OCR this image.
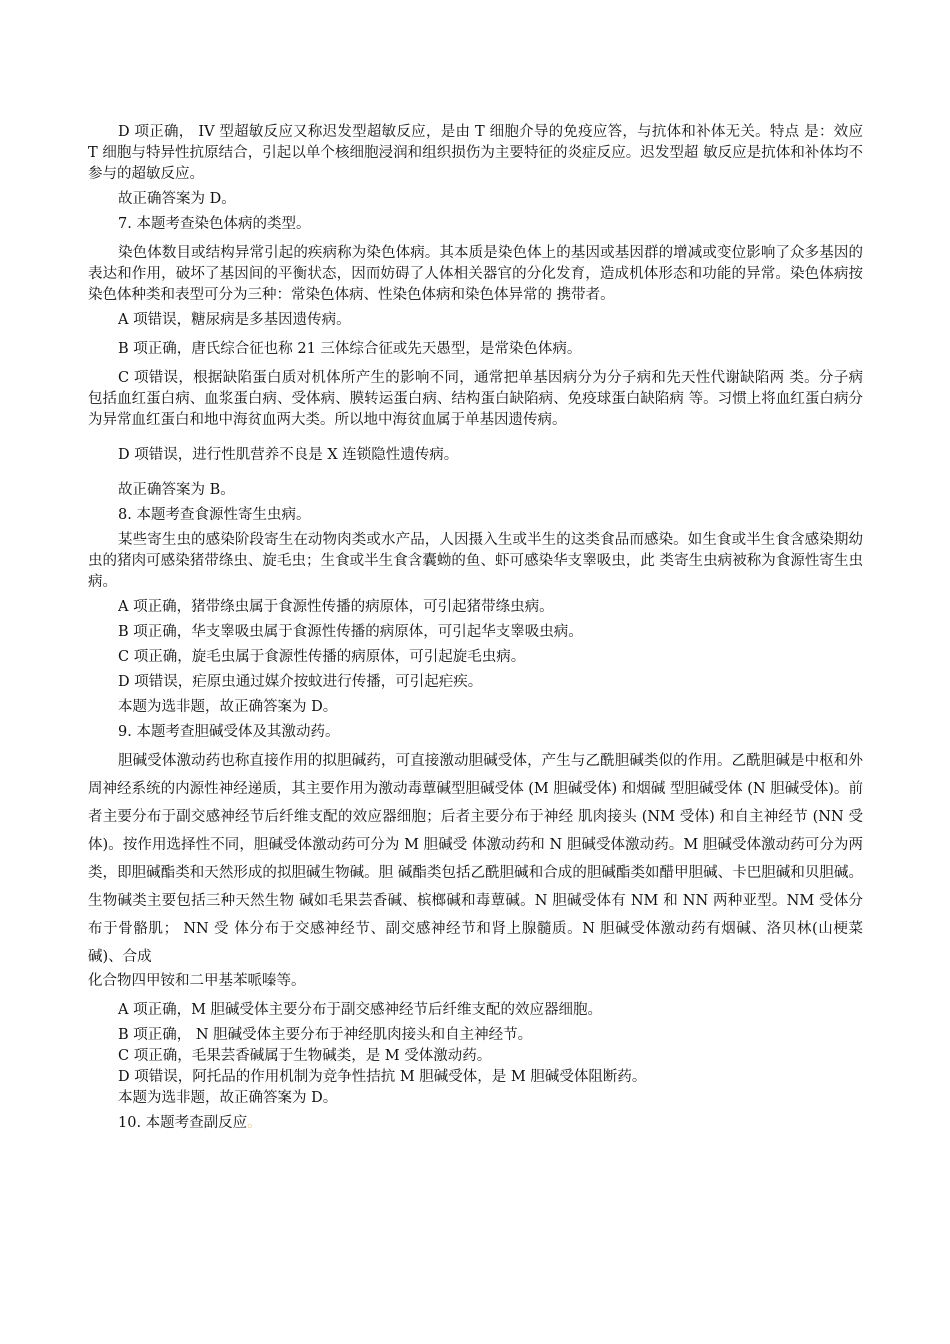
D 项正确， IV 型超敏反应又称迟发型超敏反应，是由 T 细胞介导的免疫应答，与抗体和补体无关。特点 是：效应 T 细胞与特异性抗原结合，引起以单个核细胞浸润和组织损伤为主要特征的炎症反应。迟发型超 敏反应是抗体和补体均不参与的超敏反应。

故正确答案为 D。

7. 本题考查染色体病的类型。

染色体数目或结构异常引起的疾病称为染色体病。其本质是染色体上的基因或基因群的增减或变位影响了众多基因的表达和作用，破坏了基因间的平衡状态，因而妨碍了人体相关器官的分化发育，造成机体形态和功能的异常。染色体病按染色体种类和表型可分为三种：常染色体病、性染色体病和染色体异常的 携带者。

A 项错误，糖尿病是多基因遗传病。

B 项正确，唐氏综合征也称 21 三体综合征或先天愚型，是常染色体病。

C 项错误，根据缺陷蛋白质对机体所产生的影响不同，通常把单基因病分为分子病和先天性代谢缺陷两 类。分子病包括血红蛋白病、血浆蛋白病、受体病、膜转运蛋白病、结构蛋白缺陷病、免疫球蛋白缺陷病 等。习惯上将血红蛋白病分为异常血红蛋白和地中海贫血两大类。所以地中海贫血属于单基因遗传病。

D 项错误，进行性肌营养不良是 X 连锁隐性遗传病。

故正确答案为 B。

8. 本题考查食源性寄生虫病。

某些寄生虫的感染阶段寄生在动物肉类或水产品，人因摄入生或半生的这类食品而感染。如生食或半生食含感染期幼虫的猪肉可感染猪带绦虫、旋毛虫；生食或半生食含囊蚴的鱼、虾可感染华支睾吸虫，此 类寄生虫病被称为食源性寄生虫病。

A 项正确，猪带绦虫属于食源性传播的病原体，可引起猪带绦虫病。

B 项正确，华支睾吸虫属于食源性传播的病原体，可引起华支睾吸虫病。

C 项正确，旋毛虫属于食源性传播的病原体，可引起旋毛虫病。

D 项错误，疟原虫通过媒介按蚊进行传播，可引起疟疾。

本题为选非题，故正确答案为 D。

9. 本题考查胆碱受体及其激动药。

胆碱受体激动药也称直接作用的拟胆碱药，可直接激动胆碱受体，产生与乙酰胆碱类似的作用。乙酰胆碱是中枢和外周神经系统的内源性神经递质，其主要作用为激动毒蕈碱型胆碱受体 (M 胆碱受体) 和烟碱 型胆碱受体 (N 胆碱受体)。前者主要分布于副交感神经节后纤维支配的效应器细胞；后者主要分布于神经 肌肉接头 (NM 受体) 和自主神经节 (NN 受体)。按作用选择性不同，胆碱受体激动药可分为 M 胆碱受 体激动药和 N 胆碱受体激动药。M 胆碱受体激动药可分为两类，即胆碱酯类和天然形成的拟胆碱生物碱。胆 碱酯类包括乙酰胆碱和合成的胆碱酯类如醋甲胆碱、卡巴胆碱和贝胆碱。生物碱类主要包括三种天然生物 碱如毛果芸香碱、槟榔碱和毒蕈碱。N 胆碱受体有 NM 和 NN 两种亚型。NM 受体分布于骨骼肌； NN 受 体分布于交感神经节、副交感神经节和肾上腺髓质。N 胆碱受体激动药有烟碱、洛贝林(山梗菜碱)、合成

化合物四甲铵和二甲基苯哌嗪等。

A 项正确，M 胆碱受体主要分布于副交感神经节后纤维支配的效应器细胞。

B 项正确， N 胆碱受体主要分布于神经肌肉接头和自主神经节。

C 项正确，毛果芸香碱属于生物碱类，是 M 受体激动药。

D 项错误，阿托品的作用机制为竞争性拮抗 M 胆碱受体，是 M 胆碱受体阻断药。

本题为选非题，故正确答案为 D。

10. 本题考查副反应。
